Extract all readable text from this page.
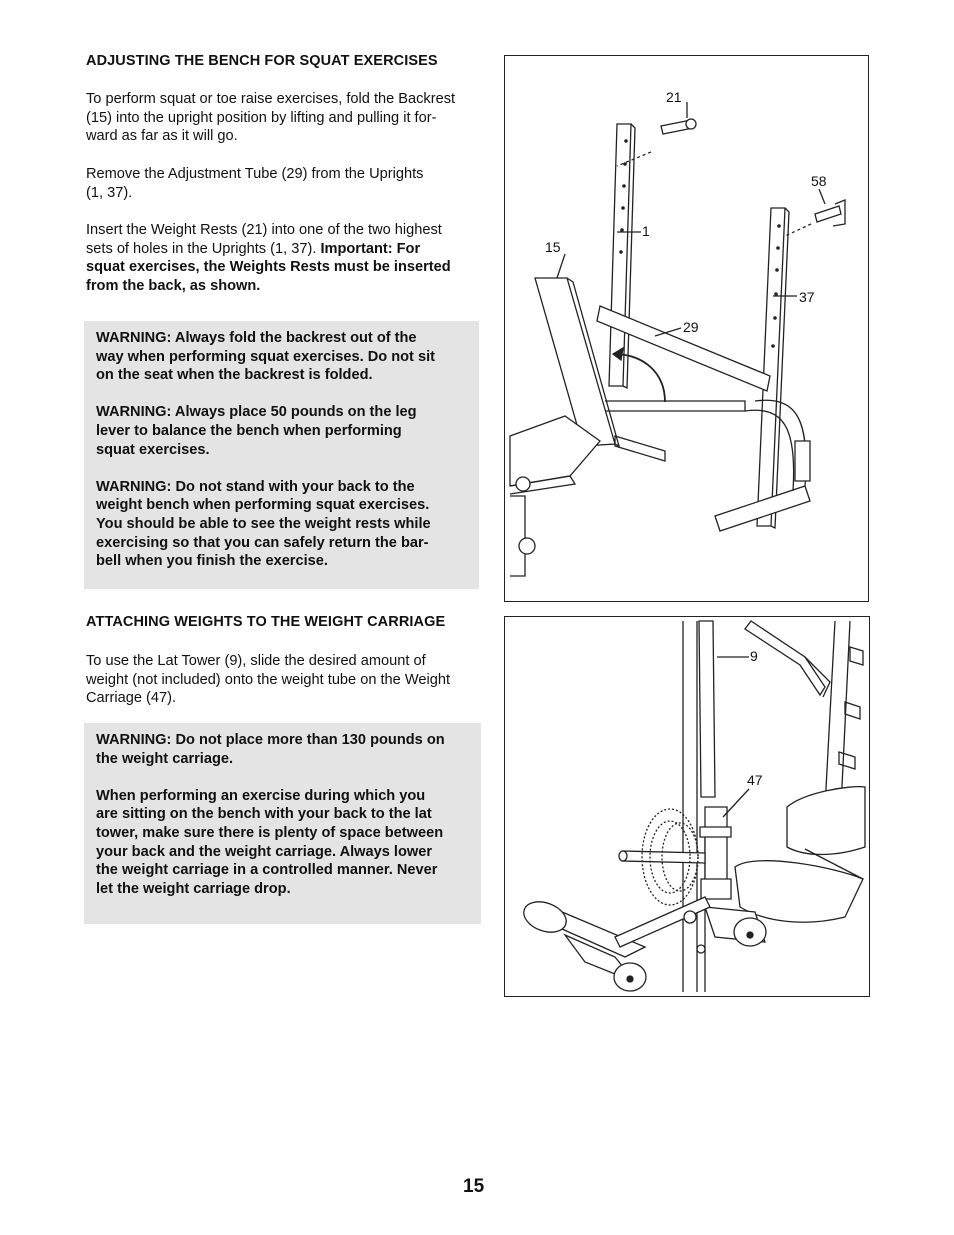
ADJUSTING THE BENCH FOR SQUAT EXERCISES

To perform squat or toe raise exercises, fold the Backrest

(15) into the upright position by lifting and pulling it for-

ward as far as it will go.

Remove the Adjustment Tube (29) from the Uprights

(1, 37).

Insert the Weight Rests (21) into one of the two highest

sets of holes in the Uprights (1, 37). Important: For

squat exercises, the Weights Rests must be inserted

from the back, as shown.

WARNING: Always fold the backrest out of the

way when performing squat exercises. Do not sit

on the seat when the backrest is folded.

WARNING: Always place 50 pounds on the leg

lever to balance the bench when performing

squat exercises.

WARNING: Do not stand with your back to the

weight bench when performing squat exercises.

You should be able to see the weight rests while

exercising so that you can safely return the bar-

bell when you finish the exercise.

ATTACHING WEIGHTS TO THE WEIGHT CARRIAGE

To use the Lat Tower (9), slide the desired amount of

weight (not included) onto the weight tube on the Weight

Carriage (47).

WARNING: Do not place more than 130 pounds on

the weight carriage.

When performing an exercise during which you

are sitting on the bench with your back to the lat

tower, make sure there is plenty of space between

your back and the weight carriage. Always lower

the weight carriage in a controlled manner. Never

let the weight carriage drop.

21
58
15
1
37
29
9
47
15
